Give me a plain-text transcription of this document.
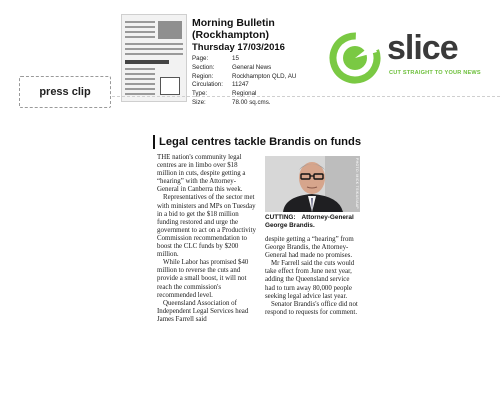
Morning Bulletin
(Rockhampton)
Thursday 17/03/2016
Page:	15
Section:	General News
Region:	Rockhampton QLD, AU
Circulation:	11247
Type:	Regional
Size:	78.00 sq.cms.
press clip
slice
CUT STRAIGHT TO YOUR NEWS
Legal centres tackle Brandis on funds

THE nation's community legal centres are in limbo over $18 million in cuts, despite getting a “hearing” with the Attorney-General in Canberra this week.

Representatives of the sector met with ministers and MPs on Tuesday in a bid to get the $18 million funding restored and urge the government to act on a Productivity Commission recommendation to boost the CLC funds by $200 million.

While Labor has promised $40 million to reverse the cuts and provide a small boost, it will not reach the commission's recommended level.

Queensland Association of Independent Legal Services head James Farrell said

PHOTO: MICK TSIKAS/AAP
CUTTING: Attorney-General George Brandis.

despite getting a “hearing” from George Brandis, the Attorney-General had made no promises.

Mr Farrell said the cuts would take effect from June next year, adding the Queensland service had to turn away 80,000 people seeking legal advice last year.

Senator Brandis's office did not respond to requests for comment.
